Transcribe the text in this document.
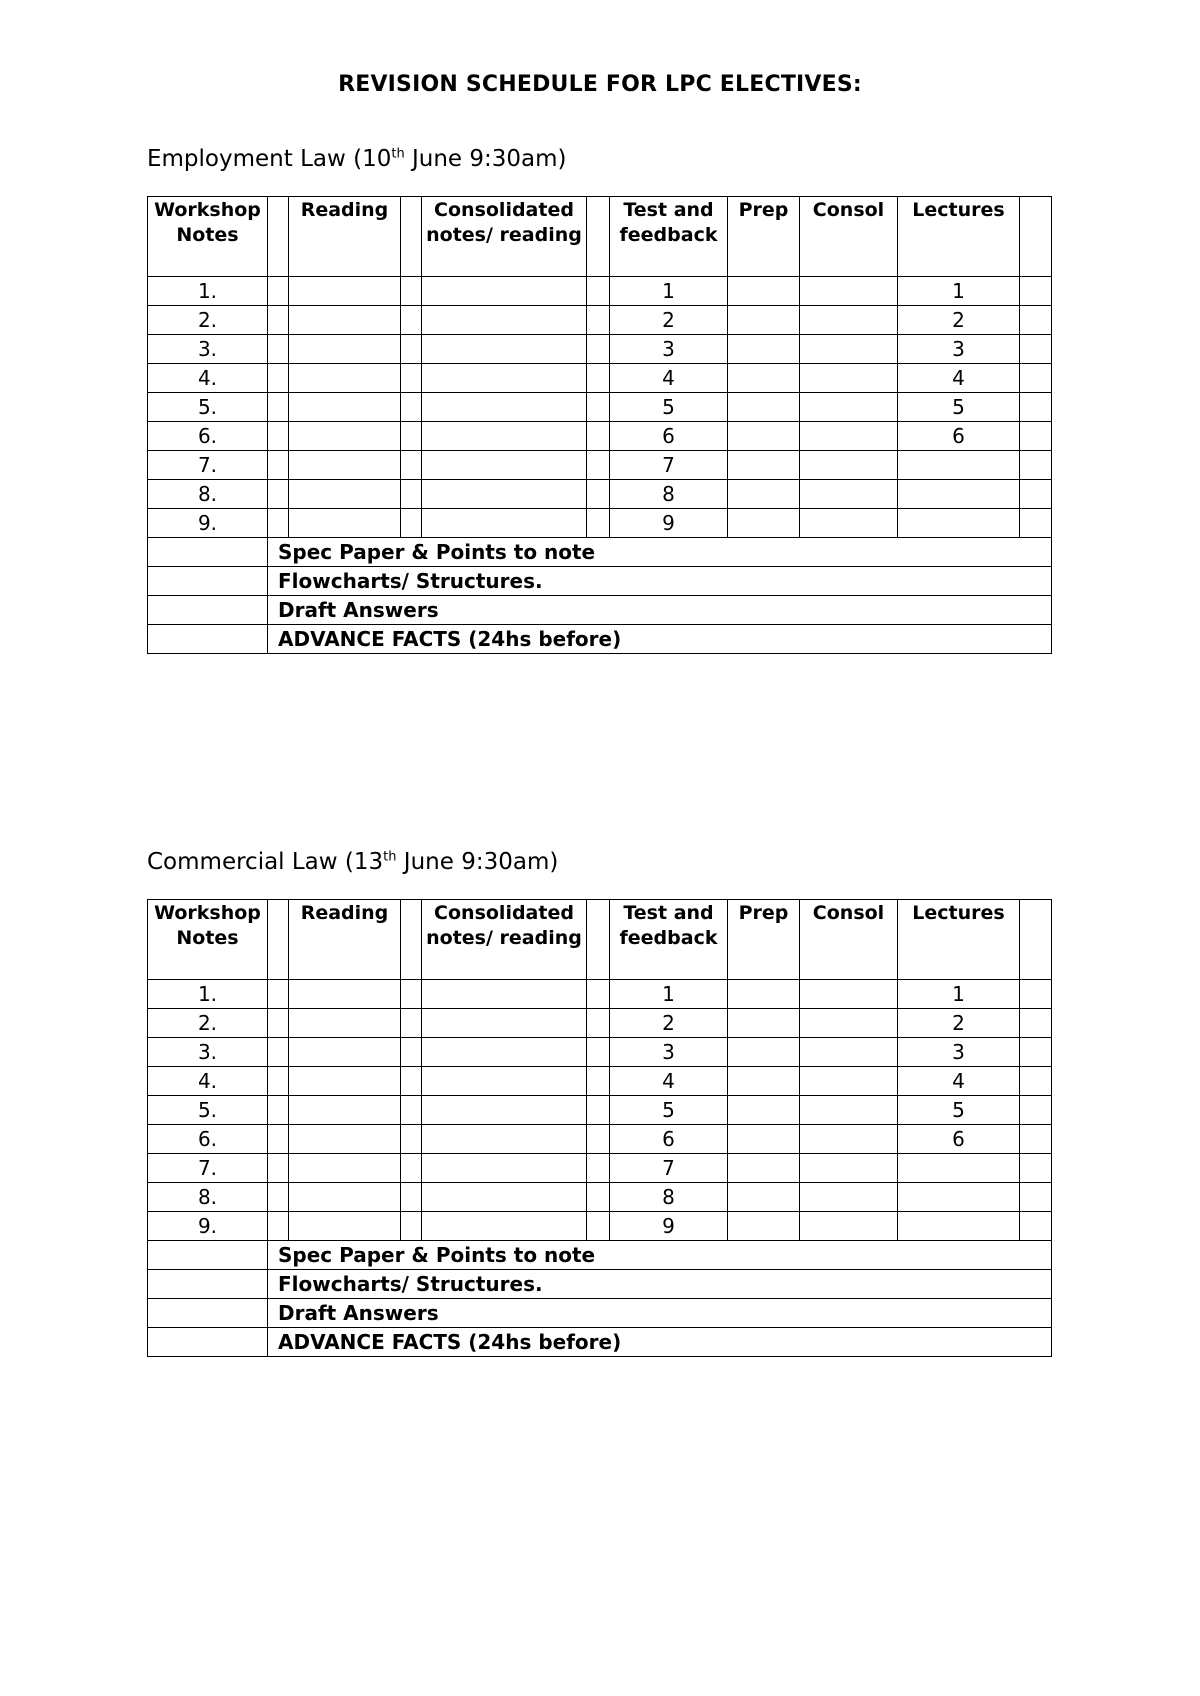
REVISION SCHEDULE FOR LPC ELECTIVES:
Employment Law (10th June 9:30am)
Workshop Notes		Reading		Consolidated notes/ reading		Test and feedback	Prep	Consol	Lectures	

1.						1			1	
2.						2			2	
3.						3			3	
4.						4			4	
5.						5			5	
6.						6			6	
7.						7				
8.						8				
9.						9				
	Spec Paper & Points to note									
	Flowcharts/ Structures.									
	Draft Answers									
	ADVANCE FACTS (24hs before)									
Commercial Law (13th June 9:30am)
Workshop Notes		Reading		Consolidated notes/ reading		Test and feedback	Prep	Consol	Lectures	

1.						1			1	
2.						2			2	
3.						3			3	
4.						4			4	
5.						5			5	
6.						6			6	
7.						7				
8.						8				
9.						9				
	Spec Paper & Points to note									
	Flowcharts/ Structures.									
	Draft Answers									
	ADVANCE FACTS (24hs before)									
